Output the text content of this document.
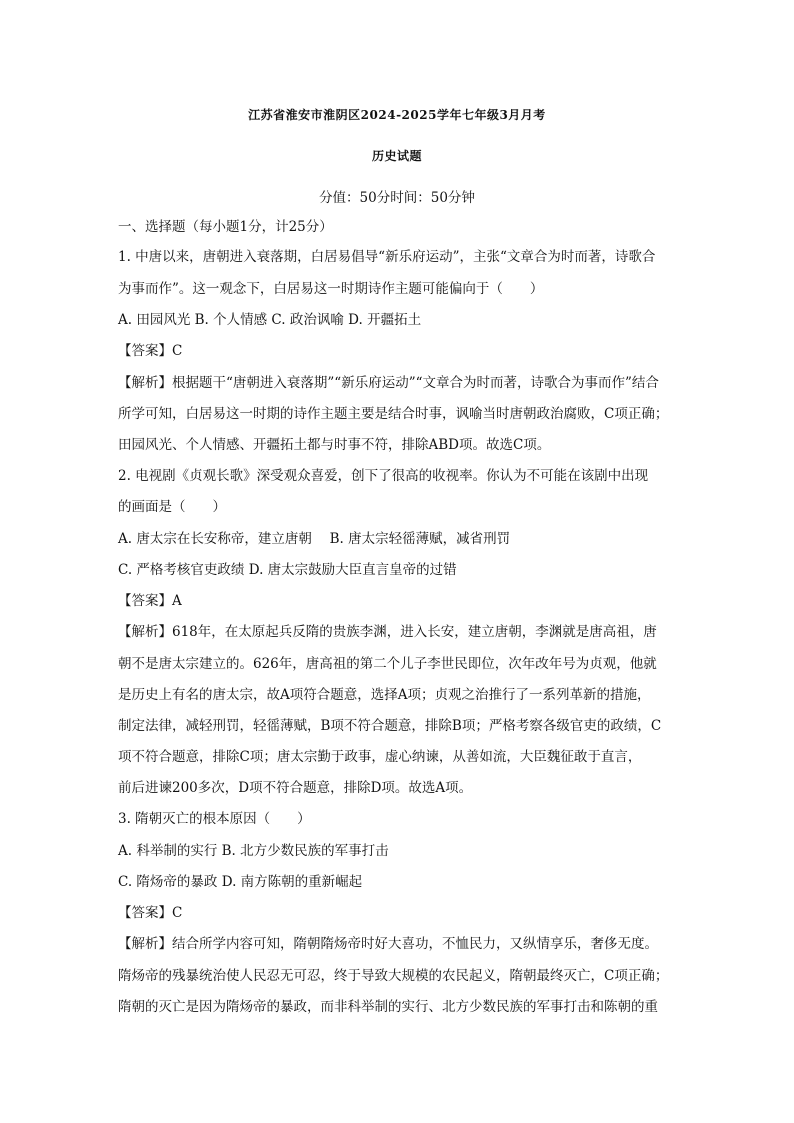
江苏省淮安市淮阴区2024-2025学年七年级3月月考
历史试题
分值：50分时间：50分钟
一、选择题（每小题1分，计25分）
1. 中唐以来，唐朝进入衰落期，白居易倡导“新乐府运动”，主张“文章合为时而著，诗歌合
为事而作”。这一观念下，白居易这一时期诗作主题可能偏向于（　　）
A. 田园风光 B. 个人情感 C. 政治讽喻 D. 开疆拓土
【答案】C
【解析】根据题干“唐朝进入衰落期”“新乐府运动”“文章合为时而著，诗歌合为事而作”结合
所学可知，白居易这一时期的诗作主题主要是结合时事，讽喻当时唐朝政治腐败，C项正确；
田园风光、个人情感、开疆拓土都与时事不符，排除ABD项。故选C项。
2. 电视剧《贞观长歌》深受观众喜爱，创下了很高的收视率。你认为不可能在该剧中出现
的画面是（　　）
A. 唐太宗在长安称帝，建立唐朝　 B. 唐太宗轻徭薄赋，减省刑罚
C. 严格考核官吏政绩 D. 唐太宗鼓励大臣直言皇帝的过错
【答案】A
【解析】618年，在太原起兵反隋的贵族李渊，进入长安，建立唐朝，李渊就是唐高祖，唐
朝不是唐太宗建立的。626年，唐高祖的第二个儿子李世民即位，次年改年号为贞观，他就
是历史上有名的唐太宗，故A项符合题意，选择A项；贞观之治推行了一系列革新的措施，
制定法律，减轻刑罚，轻徭薄赋，B项不符合题意，排除B项；严格考察各级官吏的政绩，C
项不符合题意，排除C项；唐太宗勤于政事，虚心纳谏，从善如流，大臣魏征敢于直言，
前后进谏200多次，D项不符合题意，排除D项。故选A项。
3. 隋朝灭亡的根本原因（　　）
A. 科举制的实行 B. 北方少数民族的军事打击
C. 隋炀帝的暴政 D. 南方陈朝的重新崛起
【答案】C
【解析】结合所学内容可知，隋朝隋炀帝时好大喜功，不恤民力，又纵情享乐，奢侈无度。
隋炀帝的残暴统治使人民忍无可忍，终于导致大规模的农民起义，隋朝最终灭亡，C项正确；
隋朝的灭亡是因为隋炀帝的暴政，而非科举制的实行、北方少数民族的军事打击和陈朝的重
